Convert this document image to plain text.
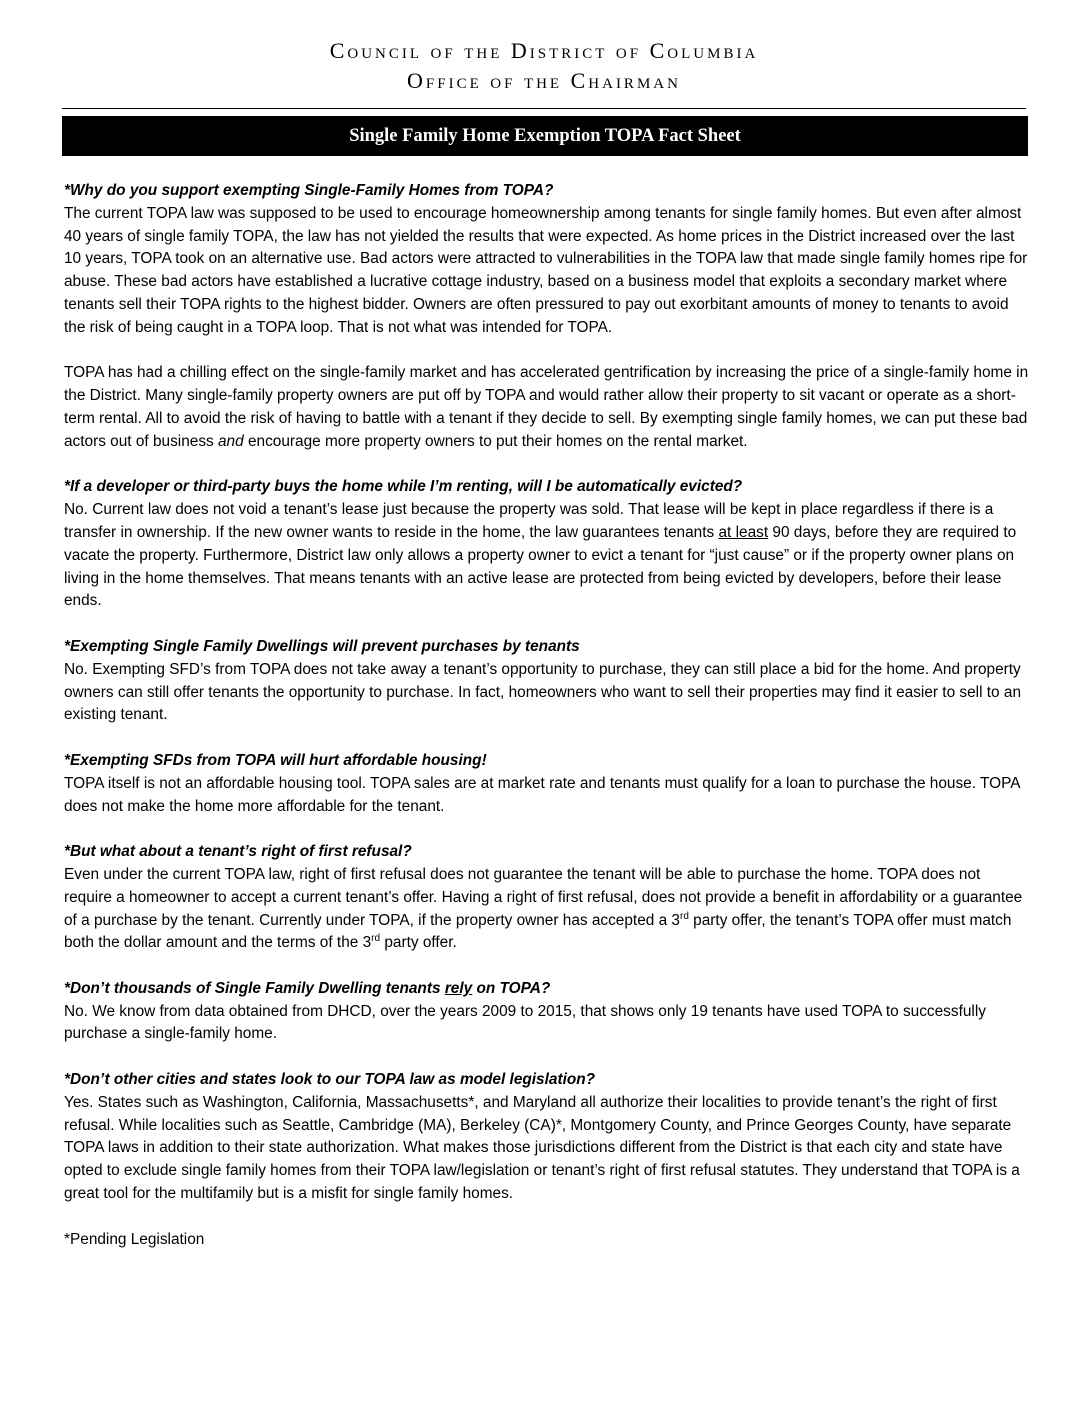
Council of the District of Columbia
Office of the Chairman
Single Family Home Exemption TOPA Fact Sheet

*Why do you support exempting Single-Family Homes from TOPA?

The current TOPA law was supposed to be used to encourage homeownership among tenants for single family homes. But even after almost 40 years of single family TOPA, the law has not yielded the results that were expected. As home prices in the District increased over the last 10 years, TOPA took on an alternative use. Bad actors were attracted to vulnerabilities in the TOPA law that made single family homes ripe for abuse. These bad actors have established a lucrative cottage industry, based on a business model that exploits a secondary market where tenants sell their TOPA rights to the highest bidder. Owners are often pressured to pay out exorbitant amounts of money to tenants to avoid the risk of being caught in a TOPA loop. That is not what was intended for TOPA.

TOPA has had a chilling effect on the single-family market and has accelerated gentrification by increasing the price of a single-family home in the District. Many single-family property owners are put off by TOPA and would rather allow their property to sit vacant or operate as a short-term rental. All to avoid the risk of having to battle with a tenant if they decide to sell. By exempting single family homes, we can put these bad actors out of business and encourage more property owners to put their homes on the rental market.

*If a developer or third-party buys the home while I’m renting, will I be automatically evicted?

No. Current law does not void a tenant’s lease just because the property was sold. That lease will be kept in place regardless if there is a transfer in ownership. If the new owner wants to reside in the home, the law guarantees tenants at least 90 days, before they are required to vacate the property. Furthermore, District law only allows a property owner to evict a tenant for “just cause” or if the property owner plans on living in the home themselves. That means tenants with an active lease are protected from being evicted by developers, before their lease ends.

*Exempting Single Family Dwellings will prevent purchases by tenants

No. Exempting SFD’s from TOPA does not take away a tenant’s opportunity to purchase, they can still place a bid for the home. And property owners can still offer tenants the opportunity to purchase. In fact, homeowners who want to sell their properties may find it easier to sell to an existing tenant.

*Exempting SFDs from TOPA will hurt affordable housing!

TOPA itself is not an affordable housing tool. TOPA sales are at market rate and tenants must qualify for a loan to purchase the house. TOPA does not make the home more affordable for the tenant.

*But what about a tenant’s right of first refusal?

Even under the current TOPA law, right of first refusal does not guarantee the tenant will be able to purchase the home. TOPA does not require a homeowner to accept a current tenant’s offer. Having a right of first refusal, does not provide a benefit in affordability or a guarantee of a purchase by the tenant. Currently under TOPA, if the property owner has accepted a 3rd party offer, the tenant’s TOPA offer must match both the dollar amount and the terms of the 3rd party offer.

*Don’t thousands of Single Family Dwelling tenants rely on TOPA?

No. We know from data obtained from DHCD, over the years 2009 to 2015, that shows only 19 tenants have used TOPA to successfully purchase a single-family home.

*Don’t other cities and states look to our TOPA law as model legislation?

Yes. States such as Washington, California, Massachusetts*, and Maryland all authorize their localities to provide tenant’s the right of first refusal. While localities such as Seattle, Cambridge (MA), Berkeley (CA)*, Montgomery County, and Prince Georges County, have separate TOPA laws in addition to their state authorization. What makes those jurisdictions different from the District is that each city and state have opted to exclude single family homes from their TOPA law/legislation or tenant’s right of first refusal statutes. They understand that TOPA is a great tool for the multifamily but is a misfit for single family homes.

*Pending Legislation
